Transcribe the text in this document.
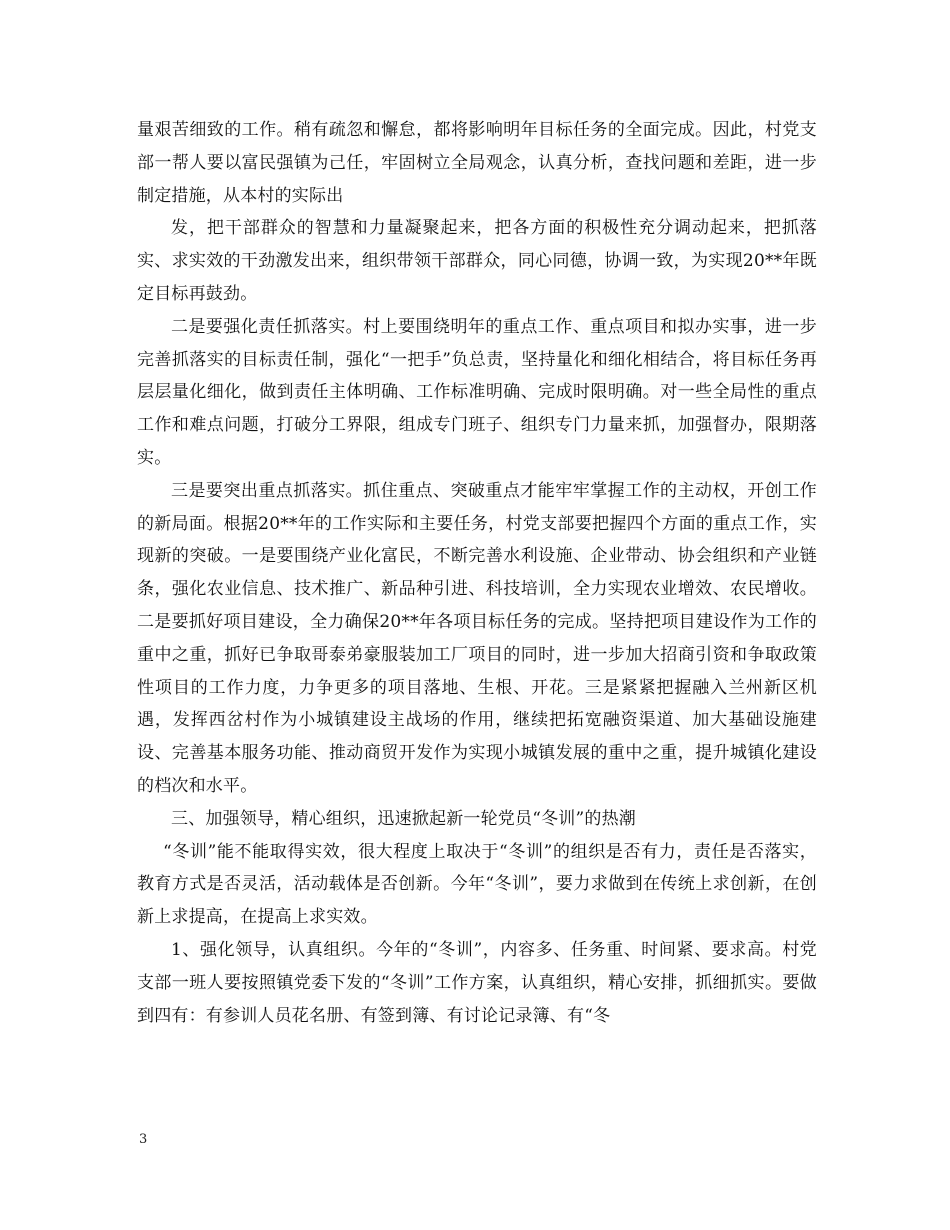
量艰苦细致的工作。稍有疏忽和懈怠，都将影响明年目标任务的全面完成。因此，村党支部一帮人要以富民强镇为己任，牢固树立全局观念，认真分析，查找问题和差距，进一步制定措施，从本村的实际出

发，把干部群众的智慧和力量凝聚起来，把各方面的积极性充分调动起来，把抓落实、求实效的干劲激发出来，组织带领干部群众，同心同德，协调一致，为实现20**年既定目标再鼓劲。

二是要强化责任抓落实。村上要围绕明年的重点工作、重点项目和拟办实事，进一步完善抓落实的目标责任制，强化“一把手”负总责，坚持量化和细化相结合，将目标任务再层层量化细化，做到责任主体明确、工作标准明确、完成时限明确。对一些全局性的重点工作和难点问题，打破分工界限，组成专门班子、组织专门力量来抓，加强督办，限期落实。

三是要突出重点抓落实。抓住重点、突破重点才能牢牢掌握工作的主动权，开创工作的新局面。根据20**年的工作实际和主要任务，村党支部要把握四个方面的重点工作，实现新的突破。一是要围绕产业化富民，不断完善水利设施、企业带动、协会组织和产业链条，强化农业信息、技术推广、新品种引进、科技培训，全力实现农业增效、农民增收。二是要抓好项目建设，全力确保20**年各项目标任务的完成。坚持把项目建设作为工作的重中之重，抓好已争取哥泰弟豪服装加工厂项目的同时，进一步加大招商引资和争取政策性项目的工作力度，力争更多的项目落地、生根、开花。三是紧紧把握融入兰州新区机遇，发挥西岔村作为小城镇建设主战场的作用，继续把拓宽融资渠道、加大基础设施建设、完善基本服务功能、推动商贸开发作为实现小城镇发展的重中之重，提升城镇化建设的档次和水平。

三、加强领导，精心组织，迅速掀起新一轮党员“冬训”的热潮

“冬训”能不能取得实效，很大程度上取决于“冬训”的组织是否有力，责任是否落实，教育方式是否灵活，活动载体是否创新。今年“冬训”，要力求做到在传统上求创新，在创新上求提高，在提高上求实效。

1、强化领导，认真组织。今年的“冬训”，内容多、任务重、时间紧、要求高。村党支部一班人要按照镇党委下发的“冬训”工作方案，认真组织，精心安排，抓细抓实。要做到四有：有参训人员花名册、有签到簿、有讨论记录簿、有“冬

3
